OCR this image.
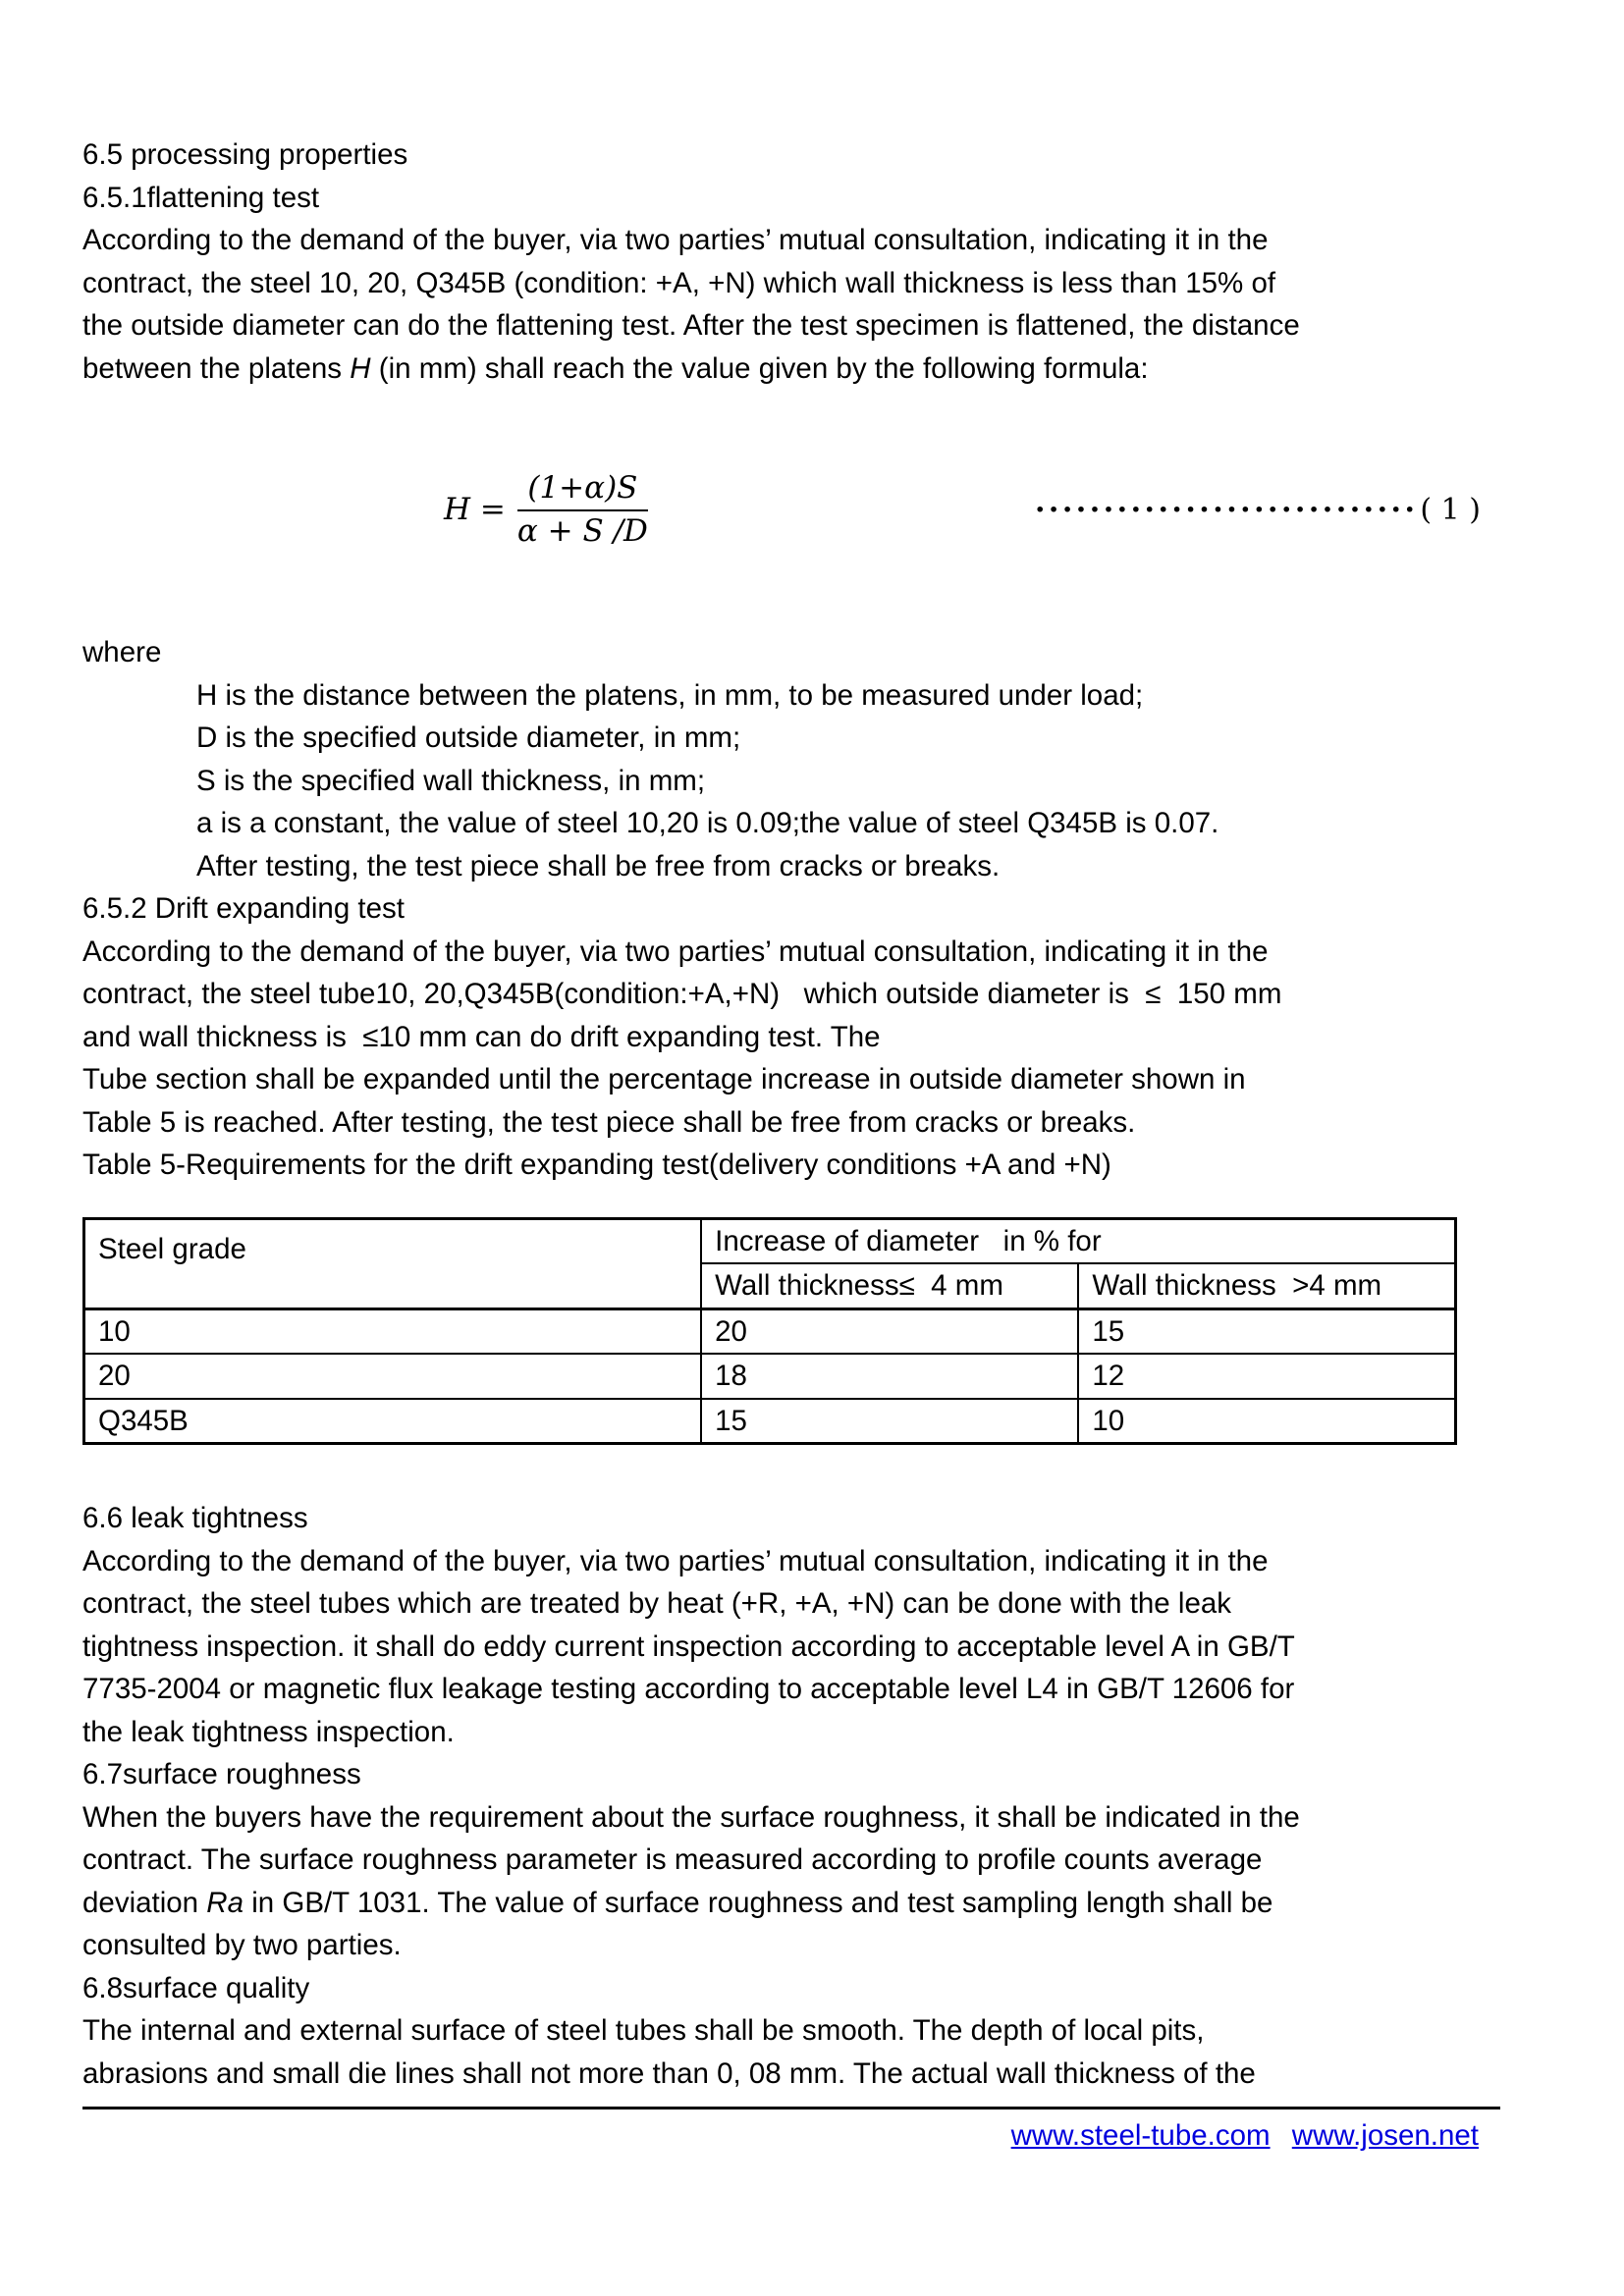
6.5 processing properties
6.5.1flattening test
According to the demand of the buyer, via two parties’ mutual consultation, indicating it in the
contract, the steel 10, 20, Q345B (condition: +A, +N) which wall thickness is less than 15% of
the outside diameter can do the flattening test. After the test specimen is flattened, the distance
between the platens H (in mm) shall reach the value given by the following formula:
$H = \frac{(1+\alpha)S}{\alpha + S /D}$	···························· ( 1 )
where
H is the distance between the platens, in mm, to be measured under load;
D is the specified outside diameter, in mm;
S is the specified wall thickness, in mm;
a is a constant, the value of steel 10,20 is 0.09;the value of steel Q345B is 0.07.
After testing, the test piece shall be free from cracks or breaks.
6.5.2 Drift expanding test
According to the demand of the buyer, via two parties’ mutual consultation, indicating it in the
contract, the steel tube10, 20,Q345B(condition:+A,+N)   which outside diameter is  ≤  150 mm
and wall thickness is  ≤10 mm can do drift expanding test. The
Tube section shall be expanded until the percentage increase in outside diameter shown in
Table 5 is reached. After testing, the test piece shall be free from cracks or breaks.
Table 5-Requirements for the drift expanding test(delivery conditions +A and +N)
Steel grade	Increase of diameter   in % for	
	Wall thickness≤  4 mm	Wall thickness  >4 mm
10	20	15
20	18	12
Q345B	15	10
6.6 leak tightness
According to the demand of the buyer, via two parties’ mutual consultation, indicating it in the
contract, the steel tubes which are treated by heat (+R, +A, +N) can be done with the leak
tightness inspection. it shall do eddy current inspection according to acceptable level A in GB/T
7735-2004 or magnetic flux leakage testing according to acceptable level L4 in GB/T 12606 for
the leak tightness inspection.
6.7surface roughness
When the buyers have the requirement about the surface roughness, it shall be indicated in the
contract. The surface roughness parameter is measured according to profile counts average
deviation Ra in GB/T 1031. The value of surface roughness and test sampling length shall be
consulted by two parties.
6.8surface quality
The internal and external surface of steel tubes shall be smooth. The depth of local pits,
abrasions and small die lines shall not more than 0, 08 mm. The actual wall thickness of the
www.steel-tube.com www.josen.net
